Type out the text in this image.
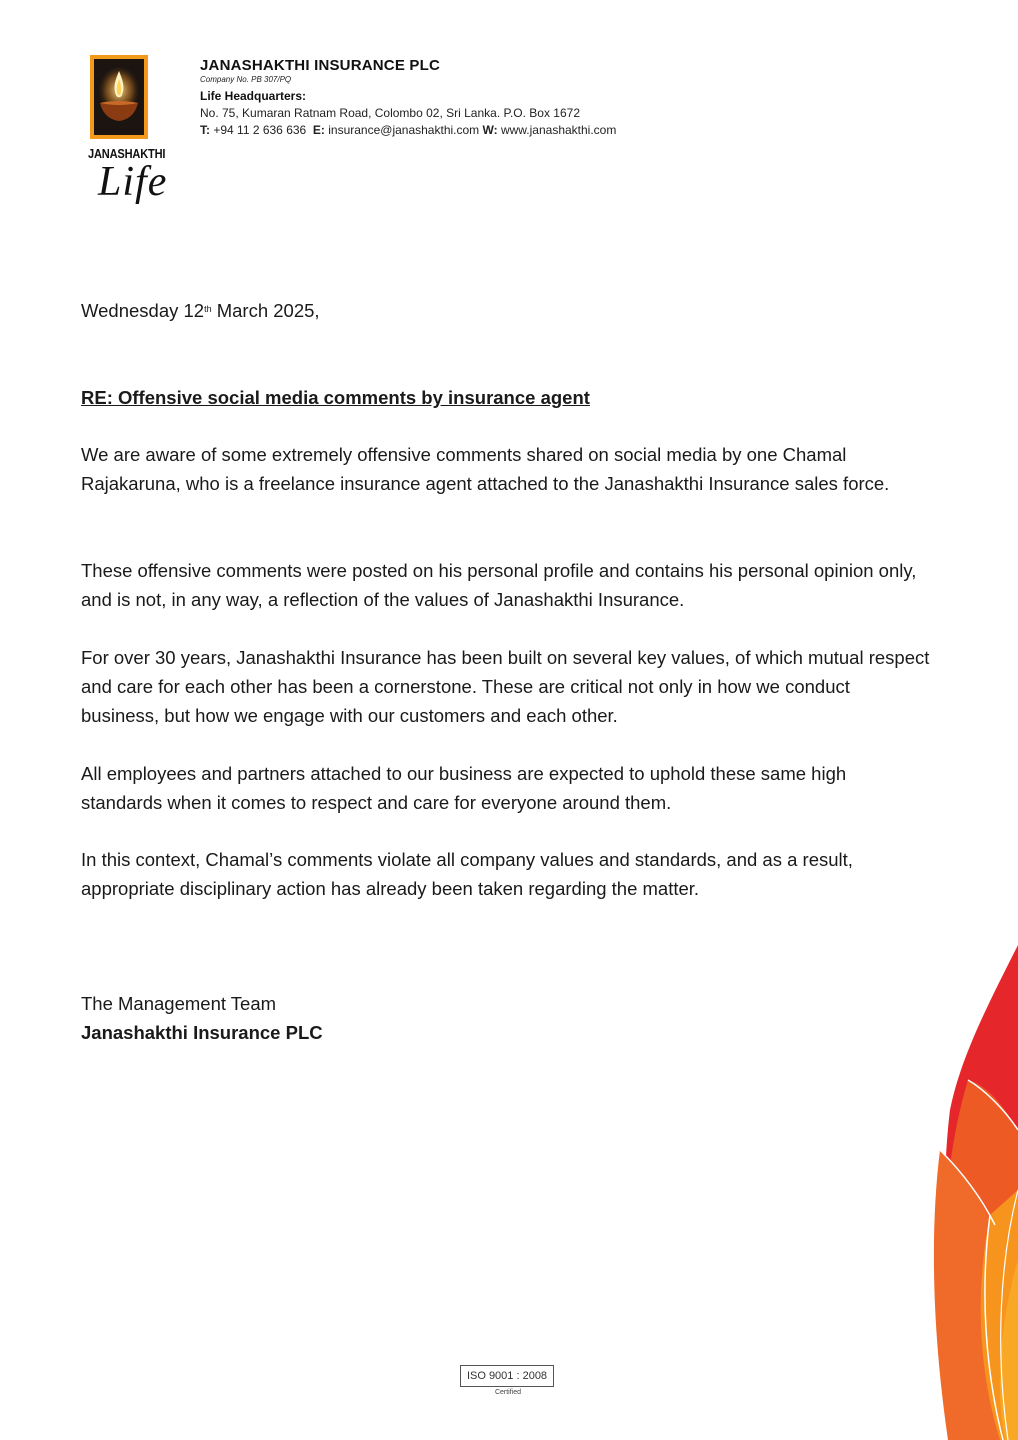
JANASHAKTHI
Life
JANASHAKTHI INSURANCE PLC
Company No. PB 307/PQ
Life Headquarters:
No. 75, Kumaran Ratnam Road, Colombo 02, Sri Lanka. P.O. Box 1672
T: +94 11 2 636 636 E: insurance@janashakthi.com W: www.janashakthi.com
Wednesday 12th March 2025,
RE: Offensive social media comments by insurance agent

We are aware of some extremely offensive comments shared on social media by one Chamal Rajakaruna, who is a freelance insurance agent attached to the Janashakthi Insurance sales force.

These offensive comments were posted on his personal profile and contains his personal opinion only, and is not, in any way, a reflection of the values of Janashakthi Insurance.

For over 30 years, Janashakthi Insurance has been built on several key values, of which mutual respect and care for each other has been a cornerstone. These are critical not only in how we conduct business, but how we engage with our customers and each other.

All employees and partners attached to our business are expected to uphold these same high standards when it comes to respect and care for everyone around them.

In this context, Chamal’s comments violate all company values and standards, and as a result, appropriate disciplinary action has already been taken regarding the matter.

The Management Team
Janashakthi Insurance PLC
ISO 9001 : 2008
Certified
